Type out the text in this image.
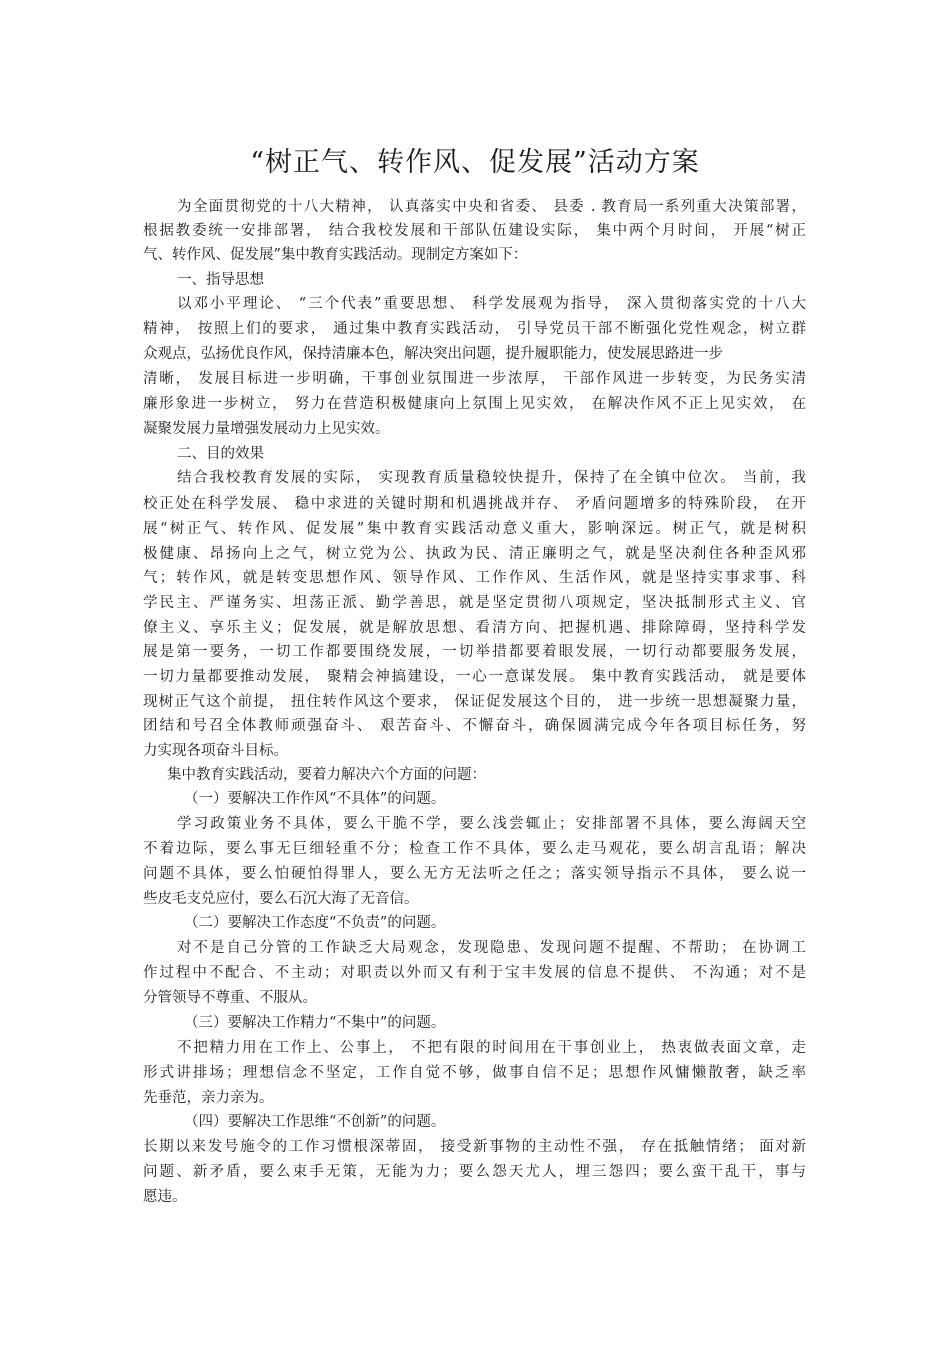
“树正气、转作风、促发展”活动方案
为全面贯彻党的十八大精神， 认真落实中央和省委、 县委 . 教育局一系列重大决策部署，
根据教委统一安排部署， 结合我校发展和干部队伍建设实际， 集中两个月时间， 开展“树正
气、转作风、促发展”集中教育实践活动。现制定方案如下：
一、指导思想
以邓小平理论、 “三个代表”重要思想、 科学发展观为指导， 深入贯彻落实党的十八大
精神， 按照上们的要求， 通过集中教育实践活动， 引导党员干部不断强化党性观念，树立群
众观点，弘扬优良作风，保持清廉本色，解决突出问题，提升履职能力，使发展思路进一步
清晰， 发展目标进一步明确，干事创业氛围进一步浓厚， 干部作风进一步转变，为民务实清
廉形象进一步树立， 努力在营造积极健康向上氛围上见实效， 在解决作风不正上见实效， 在
凝聚发展力量增强发展动力上见实效。
二、目的效果
结合我校教育发展的实际， 实现教育质量稳较快提升，保持了在全镇中位次。 当前，我
校正处在科学发展、 稳中求进的关键时期和机遇挑战并存、 矛盾问题增多的特殊阶段， 在开
展“树正气、转作风、促发展”集中教育实践活动意义重大，影响深远。树正气，就是树积
极健康、昂扬向上之气，树立党为公、执政为民、清正廉明之气，就是坚决刹住各种歪风邪
气；转作风，就是转变思想作风、领导作风、工作作风、生活作风，就是坚持实事求事、科
学民主、严谨务实、坦荡正派、勤学善思，就是坚定贯彻八项规定，坚决抵制形式主义、官
僚主义、享乐主义；促发展，就是解放思想、看清方向、把握机遇、排除障碍，坚持科学发
展是第一要务，一切工作都要围绕发展，一切举措都要着眼发展，一切行动都要服务发展，
一切力量都要推动发展， 聚精会神搞建设，一心一意谋发展。 集中教育实践活动， 就是要体
现树正气这个前提， 扭住转作风这个要求， 保证促发展这个目的， 进一步统一思想凝聚力量，
团结和号召全体教师顽强奋斗、 艰苦奋斗、不懈奋斗，确保圆满完成今年各项目标任务，努
力实现各项奋斗目标。
集中教育实践活动，要着力解决六个方面的问题：
（一）要解决工作作风“不具体”的问题。
学习政策业务不具体，要么干脆不学，要么浅尝辄止；安排部署不具体，要么海阔天空
不着边际，要么事无巨细轻重不分；检查工作不具体，要么走马观花，要么胡言乱语；解决
问题不具体，要么怕硬怕得罪人，要么无方无法听之任之；落实领导指示不具体， 要么说一
些皮毛支兑应付，要么石沉大海了无音信。
（二）要解决工作态度“不负责”的问题。
对不是自己分管的工作缺乏大局观念，发现隐患、发现问题不提醒、不帮助； 在协调工
作过程中不配合、不主动；对职责以外而又有利于宝丰发展的信息不提供、 不沟通；对不是
分管领导不尊重、不服从。
（三）要解决工作精力“不集中”的问题。
不把精力用在工作上、公事上， 不把有限的时间用在干事创业上， 热衷做表面文章，走
形式讲排场；理想信念不坚定，工作自觉不够，做事自信不足；思想作风慵懒散奢，缺乏率
先垂范，亲力亲为。
（四）要解决工作思维“不创新”的问题。
长期以来发号施令的工作习惯根深蒂固， 接受新事物的主动性不强， 存在抵触情绪； 面对新
问题、新矛盾，要么束手无策，无能为力；要么怨天尤人，埋三怨四；要么蛮干乱干，事与
愿违。
